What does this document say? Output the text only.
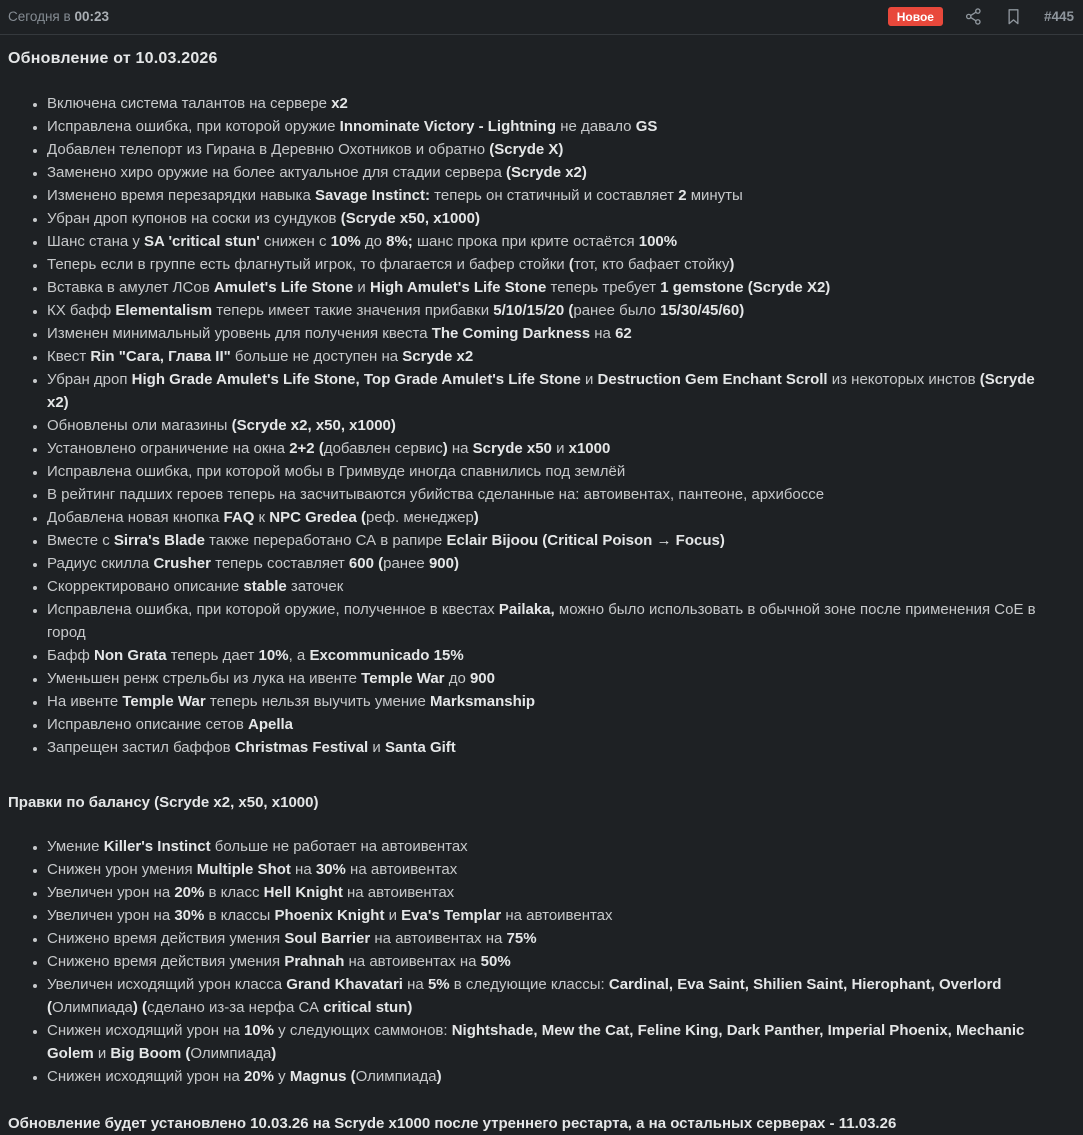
Сегодня в 00:23	Новое	#445
Обновление от 10.03.2026
• Включена система талантов на сервере x2
• Исправлена ошибка, при которой оружие Innominate Victory - Lightning не давало GS
• Добавлен телепорт из Гирана в Деревню Охотников и обратно (Scryde X)
• Заменено хиро оружие на более актуальное для стадии сервера (Scryde x2)
• Изменено время перезарядки навыка Savage Instinct: теперь он статичный и составляет 2 минуты
• Убран дроп купонов на соски из сундуков (Scryde x50, x1000)
• Шанс стана у SA 'critical stun' снижен с 10% до 8%; шанс прока при крите остаётся 100%
• Теперь если в группе есть флагнутый игрок, то флагается и бафер стойки (тот, кто бафает стойку)
• Вставка в амулет ЛСов Amulet's Life Stone и High Amulet's Life Stone теперь требует 1 gemstone (Scryde X2)
• КХ бафф Elementalism теперь имеет такие значения прибавки 5/10/15/20 (ранее было 15/30/45/60)
• Изменен минимальный уровень для получения квеста The Coming Darkness на 62
• Квест Rin "Сага, Глава II" больше не доступен на Scryde x2
• Убран дроп High Grade Amulet's Life Stone, Top Grade Amulet's Life Stone и Destruction Gem Enchant Scroll из некоторых инстов (Scryde x2)
• Обновлены оли магазины (Scryde x2, x50, x1000)
• Установлено ограничение на окна 2+2 (добавлен сервис) на Scryde x50 и x1000
• Исправлена ошибка, при которой мобы в Гримвуде иногда спавнились под землёй
• В рейтинг падших героев теперь на засчитываются убийства сделанные на: автоивентах, пантеоне, архибоссе
• Добавлена новая кнопка FAQ к NPC Gredea (реф. менеджер)
• Вместе с Sirra's Blade также переработано СА в рапире Eclair Bijoou (Critical Poison → Focus)
• Радиус скилла Crusher теперь составляет 600 (ранее 900)
• Скорректировано описание stable заточек
• Исправлена ошибка, при которой оружие, полученное в квестах Pailaka, можно было использовать в обычной зоне после применения СоЕ в город
• Бафф Non Grata теперь дает 10%, а Excommunicado 15%
• Уменьшен ренж стрельбы из лука на ивенте Temple War до 900
• На ивенте Temple War теперь нельзя выучить умение Marksmanship
• Исправлено описание сетов Apella
• Запрещен застил баффов Christmas Festival и Santa Gift
Правки по балансу (Scryde x2, x50, x1000)
• Умение Killer's Instinct больше не работает на автоивентах
• Снижен урон умения Multiple Shot на 30% на автоивентах
• Увеличен урон на 20% в класс Hell Knight на автоивентах
• Увеличен урон на 30% в классы Phoenix Knight и Eva's Templar на автоивентах
• Снижено время действия умения Soul Barrier на автоивентах на 75%
• Снижено время действия умения Prahnah на автоивентах на 50%
• Увеличен исходящий урон класса Grand Khavatari на 5% в следующие классы: Cardinal, Eva Saint, Shilien Saint, Hierophant, Overlord (Олимпиада) (сделано из-за нерфа СА critical stun)
• Снижен исходящий урон на 10% у следующих саммонов: Nightshade, Mew the Cat, Feline King, Dark Panther, Imperial Phoenix, Mechanic Golem и Big Boom (Олимпиада)
• Снижен исходящий урон на 20% у Magnus (Олимпиада)

Обновление будет установлено 10.03.26 на Scryde x1000 после утреннего рестарта, а на остальных серверах - 11.03.26
